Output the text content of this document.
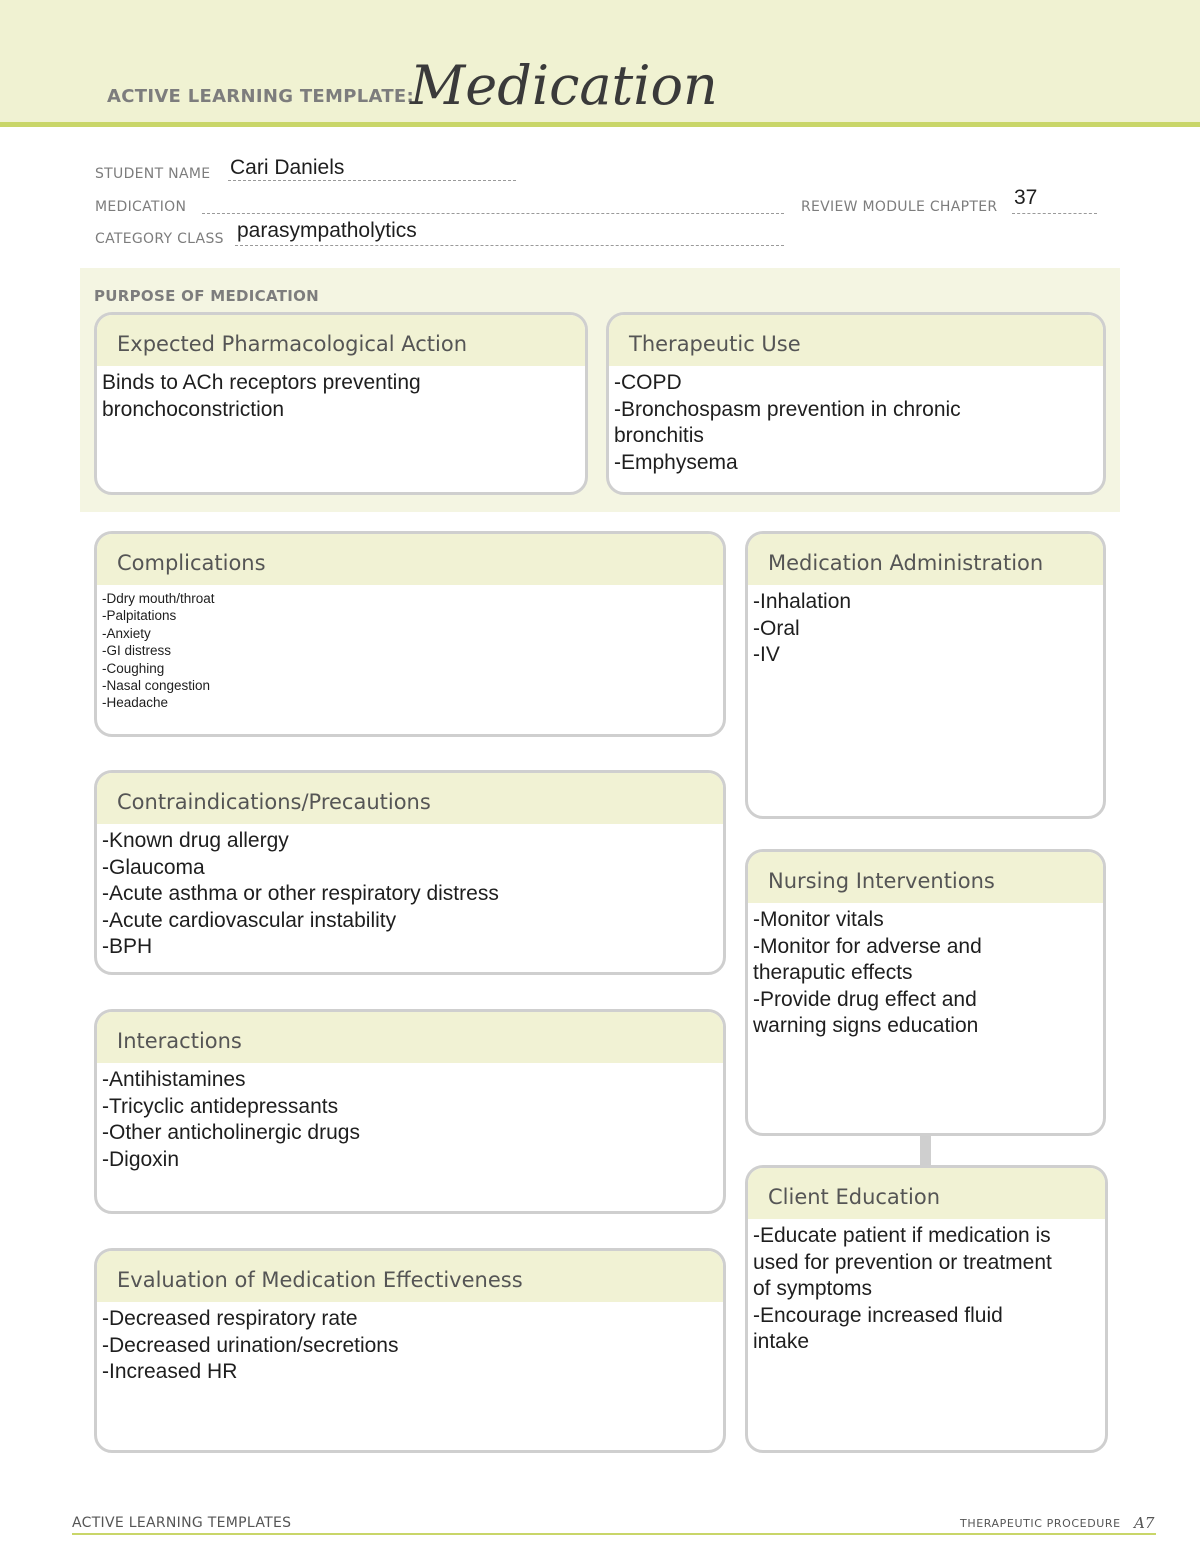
ACTIVE LEARNING TEMPLATE:
Medication
STUDENT NAME Cari Daniels
MEDICATION	REVIEW MODULE CHAPTER 37
CATEGORY CLASS parasympatholytics
PURPOSE OF MEDICATION
Expected Pharmacological Action
Binds to ACh receptors preventing
bronchoconstriction
Therapeutic Use
-COPD
-Bronchospasm prevention in chronic
bronchitis
-Emphysema
Complications
-Ddry mouth/throat
-Palpitations
-Anxiety
-GI distress
-Coughing
-Nasal congestion
-Headache
Medication Administration
-Inhalation
-Oral
-IV
Contraindications/Precautions
-Known drug allergy
-Glaucoma
-Acute asthma or other respiratory distress
-Acute cardiovascular instability
-BPH
Nursing Interventions
-Monitor vitals
-Monitor for adverse and
theraputic effects
-Provide drug effect and
warning signs education
Interactions
-Antihistamines
-Tricyclic antidepressants
-Other anticholinergic drugs
-Digoxin
Client Education
-Educate patient if medication is
used for prevention or treatment
of symptoms
-Encourage increased fluid
intake
Evaluation of Medication Effectiveness
-Decreased respiratory rate
-Decreased urination/secretions
-Increased HR
ACTIVE LEARNING TEMPLATES	THERAPEUTIC PROCEDURE A7
